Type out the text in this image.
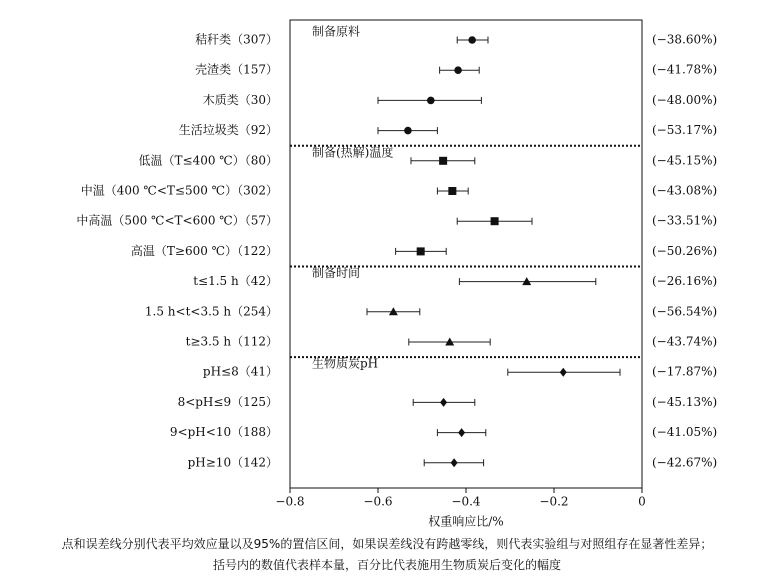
制备原料
秸秆类（307）	(−38.60%)
壳渣类（157）	(−41.78%)
木质类（30）	(−48.00%)
生活垃圾类（92）	(−53.17%)
制备(热解)温度
低温（T≤400 ℃）（80）	(−45.15%)
中温（400 ℃<T≤500 ℃）（302）	(−43.08%)
中高温（500 ℃<T<600 ℃）（57）	(−33.51%)
高温（T≥600 ℃）（122）	(−50.26%)
制备时间
t≤1.5 h（42）	(−26.16%)
1.5 h<t<3.5 h（254）	(−56.54%)
t≥3.5 h（112）	(−43.74%)
生物质炭pH
pH≤8（41）	(−17.87%)
8<pH≤9（125）	(−45.13%)
9<pH<10（188）	(−41.05%)
pH≥10（142）	(−42.67%)
−0.8	−0.6	−0.4	−0.2	0
权重响应比/%
点和误差线分别代表平均效应量以及95%的置信区间，如果误差线没有跨越零线，则代表实验组与对照组存在显著性差异；
括号内的数值代表样本量，百分比代表施用生物质炭后变化的幅度
